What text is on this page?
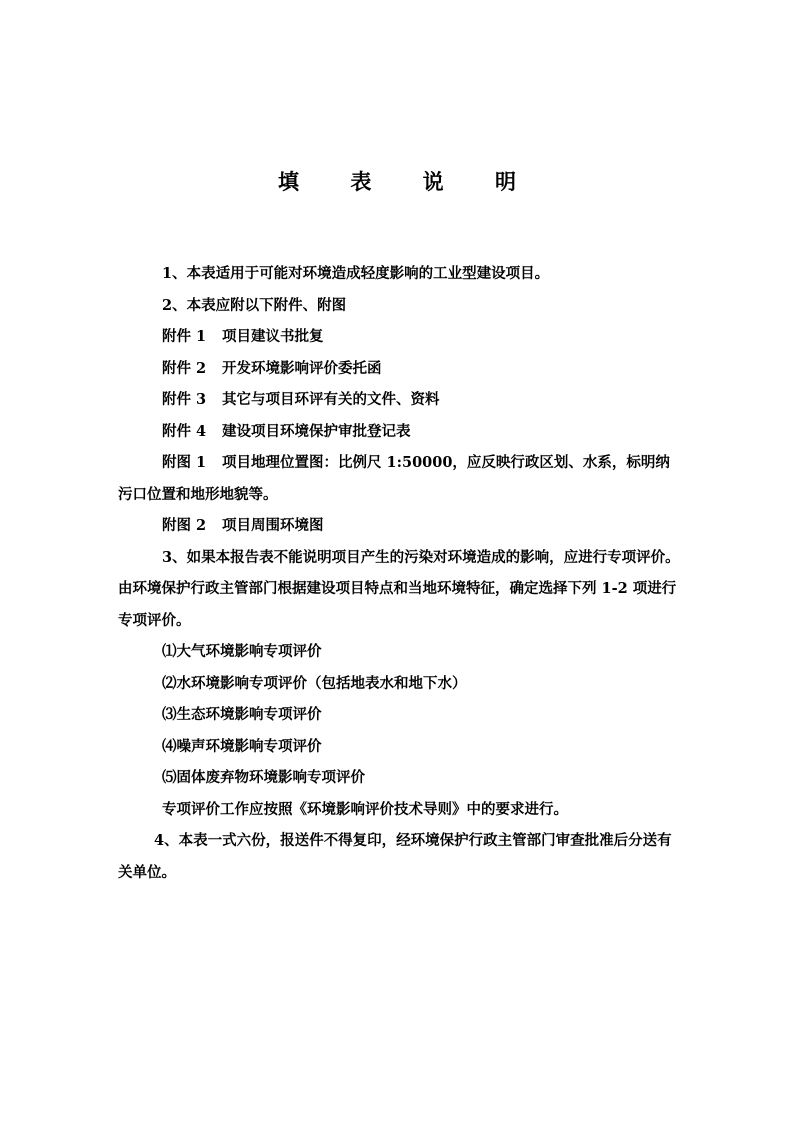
填 表 说 明

1、本表适用于可能对环境造成轻度影响的工业型建设项目。

2、本表应附以下附件、附图

附件 1 项目建议书批复

附件 2 开发环境影响评价委托函

附件 3 其它与项目环评有关的文件、资料

附件 4 建设项目环境保护审批登记表

附图 1 项目地理位置图：比例尺 1:50000，应反映行政区划、水系，标明纳污口位置和地形地貌等。

附图 2 项目周围环境图

3、如果本报告表不能说明项目产生的污染对环境造成的影响，应进行专项评价。由环境保护行政主管部门根据建设项目特点和当地环境特征，确定选择下列 1-2 项进行专项评价。

⑴大气环境影响专项评价

⑵水环境影响专项评价（包括地表水和地下水）

⑶生态环境影响专项评价

⑷噪声环境影响专项评价

⑸固体废弃物环境影响专项评价

专项评价工作应按照《环境影响评价技术导则》中的要求进行。

4、本表一式六份，报送件不得复印，经环境保护行政主管部门审查批准后分送有关单位。
